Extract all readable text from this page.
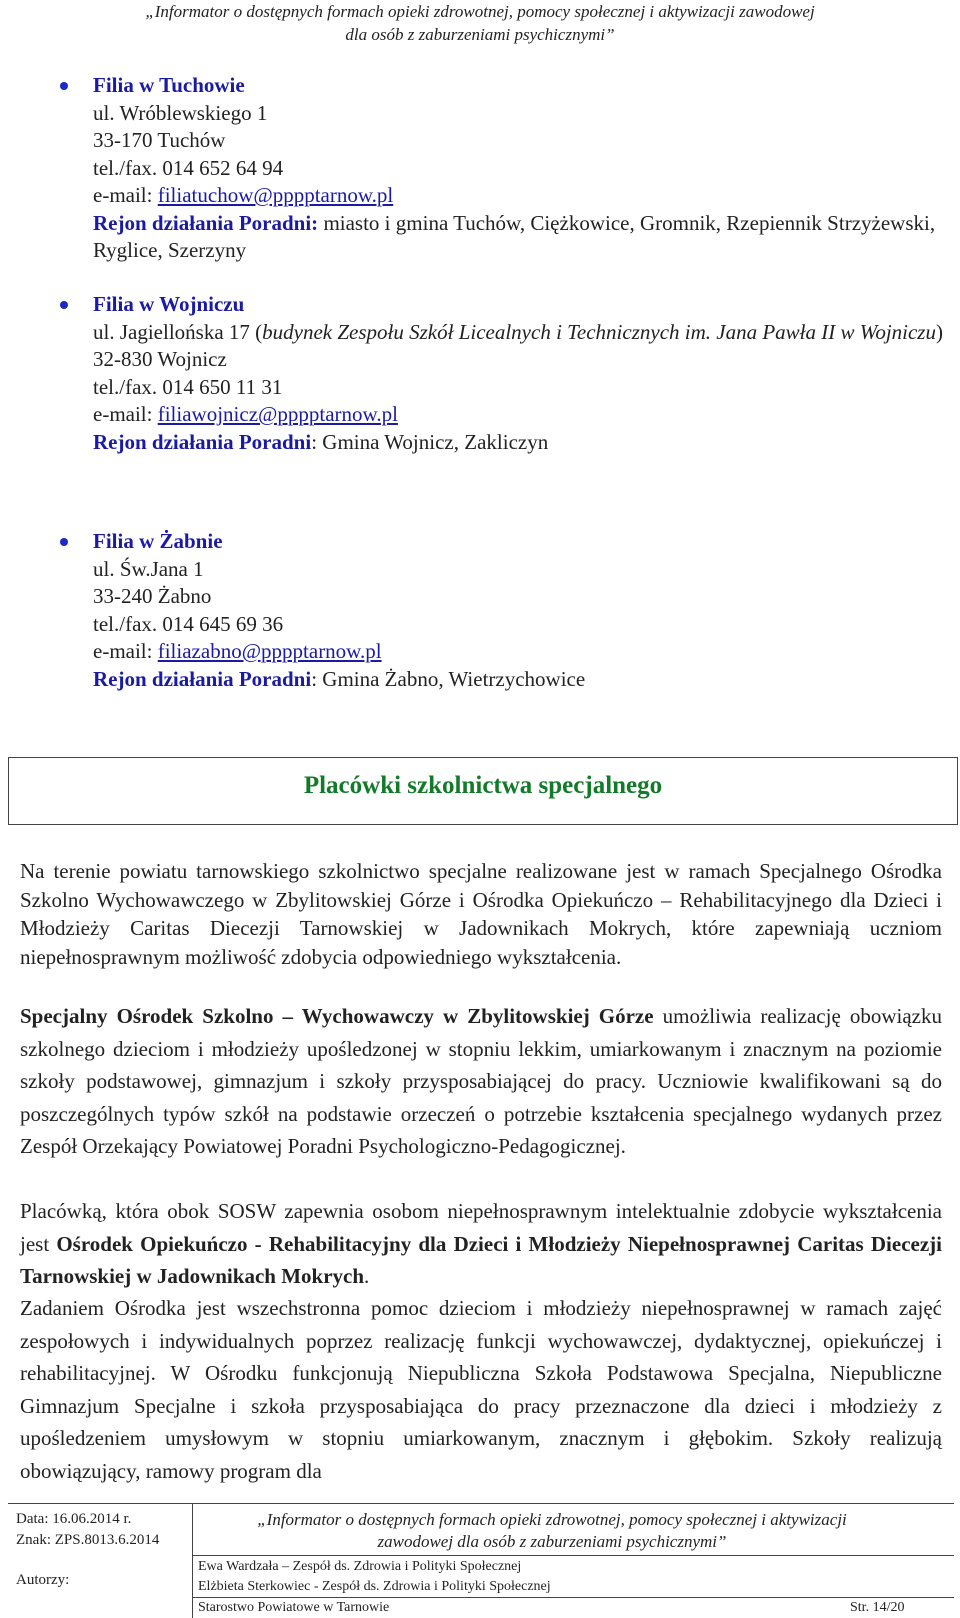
„Informator o dostępnych formach opieki zdrowotnej, pomocy społecznej i aktywizacji zawodowej
dla osób z zaburzeniami psychicznymi”
Filia w Tuchowie
ul. Wróblewskiego 1
33-170 Tuchów
tel./fax. 014 652 64 94
e-mail: filiatuchow@pppptarnow.pl
Rejon działania Poradni: miasto i gmina Tuchów, Ciężkowice, Gromnik, Rzepiennik Strzyżewski, Ryglice, Szerzyny
Filia w Wojniczu
ul. Jagiellońska 17 (budynek Zespołu Szkół Licealnych i Technicznych im. Jana Pawła II w Wojniczu)
32-830 Wojnicz
tel./fax. 014 650 11 31
e-mail: filiawojnicz@pppptarnow.pl
Rejon działania Poradni: Gmina Wojnicz, Zakliczyn
Filia w Żabnie
ul. Św.Jana 1
33-240 Żabno
tel./fax. 014 645 69 36
e-mail: filiazabno@pppptarnow.pl
Rejon działania Poradni: Gmina Żabno, Wietrzychowice
Placówki szkolnictwa specjalnego
Na terenie powiatu tarnowskiego szkolnictwo specjalne realizowane jest w ramach Specjalnego Ośrodka Szkolno Wychowawczego w Zbylitowskiej Górze i Ośrodka Opiekuńczo – Rehabilitacyjnego dla Dzieci i Młodzieży Caritas Diecezji Tarnowskiej w Jadownikach Mokrych, które zapewniają uczniom niepełnosprawnym możliwość zdobycia odpowiedniego wykształcenia.
Specjalny Ośrodek Szkolno – Wychowawczy w Zbylitowskiej Górze umożliwia realizację obowiązku szkolnego dzieciom i młodzieży upośledzonej w stopniu lekkim, umiarkowanym i znacznym na poziomie szkoły podstawowej, gimnazjum i szkoły przysposabiającej do pracy. Uczniowie kwalifikowani są do poszczególnych typów szkół na podstawie orzeczeń o potrzebie kształcenia specjalnego wydanych przez Zespół Orzekający Powiatowej Poradni Psychologiczno-Pedagogicznej.
Placówką, która obok SOSW zapewnia osobom niepełnosprawnym intelektualnie zdobycie wykształcenia jest Ośrodek Opiekuńczo - Rehabilitacyjny dla Dzieci i Młodzieży Niepełnosprawnej Caritas Diecezji Tarnowskiej w Jadownikach Mokrych.
Zadaniem Ośrodka jest wszechstronna pomoc dzieciom i młodzieży niepełnosprawnej w ramach zajęć zespołowych i indywidualnych poprzez realizację funkcji wychowawczej, dydaktycznej, opiekuńczej i rehabilitacyjnej. W Ośrodku funkcjonują Niepubliczna Szkoła Podstawowa Specjalna, Niepubliczne Gimnazjum Specjalne i szkoła przysposabiająca do pracy przeznaczone dla dzieci i młodzieży z upośledzeniem umysłowym w stopniu umiarkowanym, znacznym i głębokim. Szkoły realizują obowiązujący, ramowy program dla
Data: 16.06.2014 r.
Znak: ZPS.8013.6.2014
Autorzy:
„Informator o dostępnych formach opieki zdrowotnej, pomocy społecznej i aktywizacji
zawodowej dla osób z zaburzeniami psychicznymi”
Ewa Wardzała – Zespół ds. Zdrowia i Polityki Społecznej
Elżbieta Sterkowiec - Zespół ds. Zdrowia i Polityki Społecznej
Starostwo Powiatowe w Tarnowie	Str. 14/20
